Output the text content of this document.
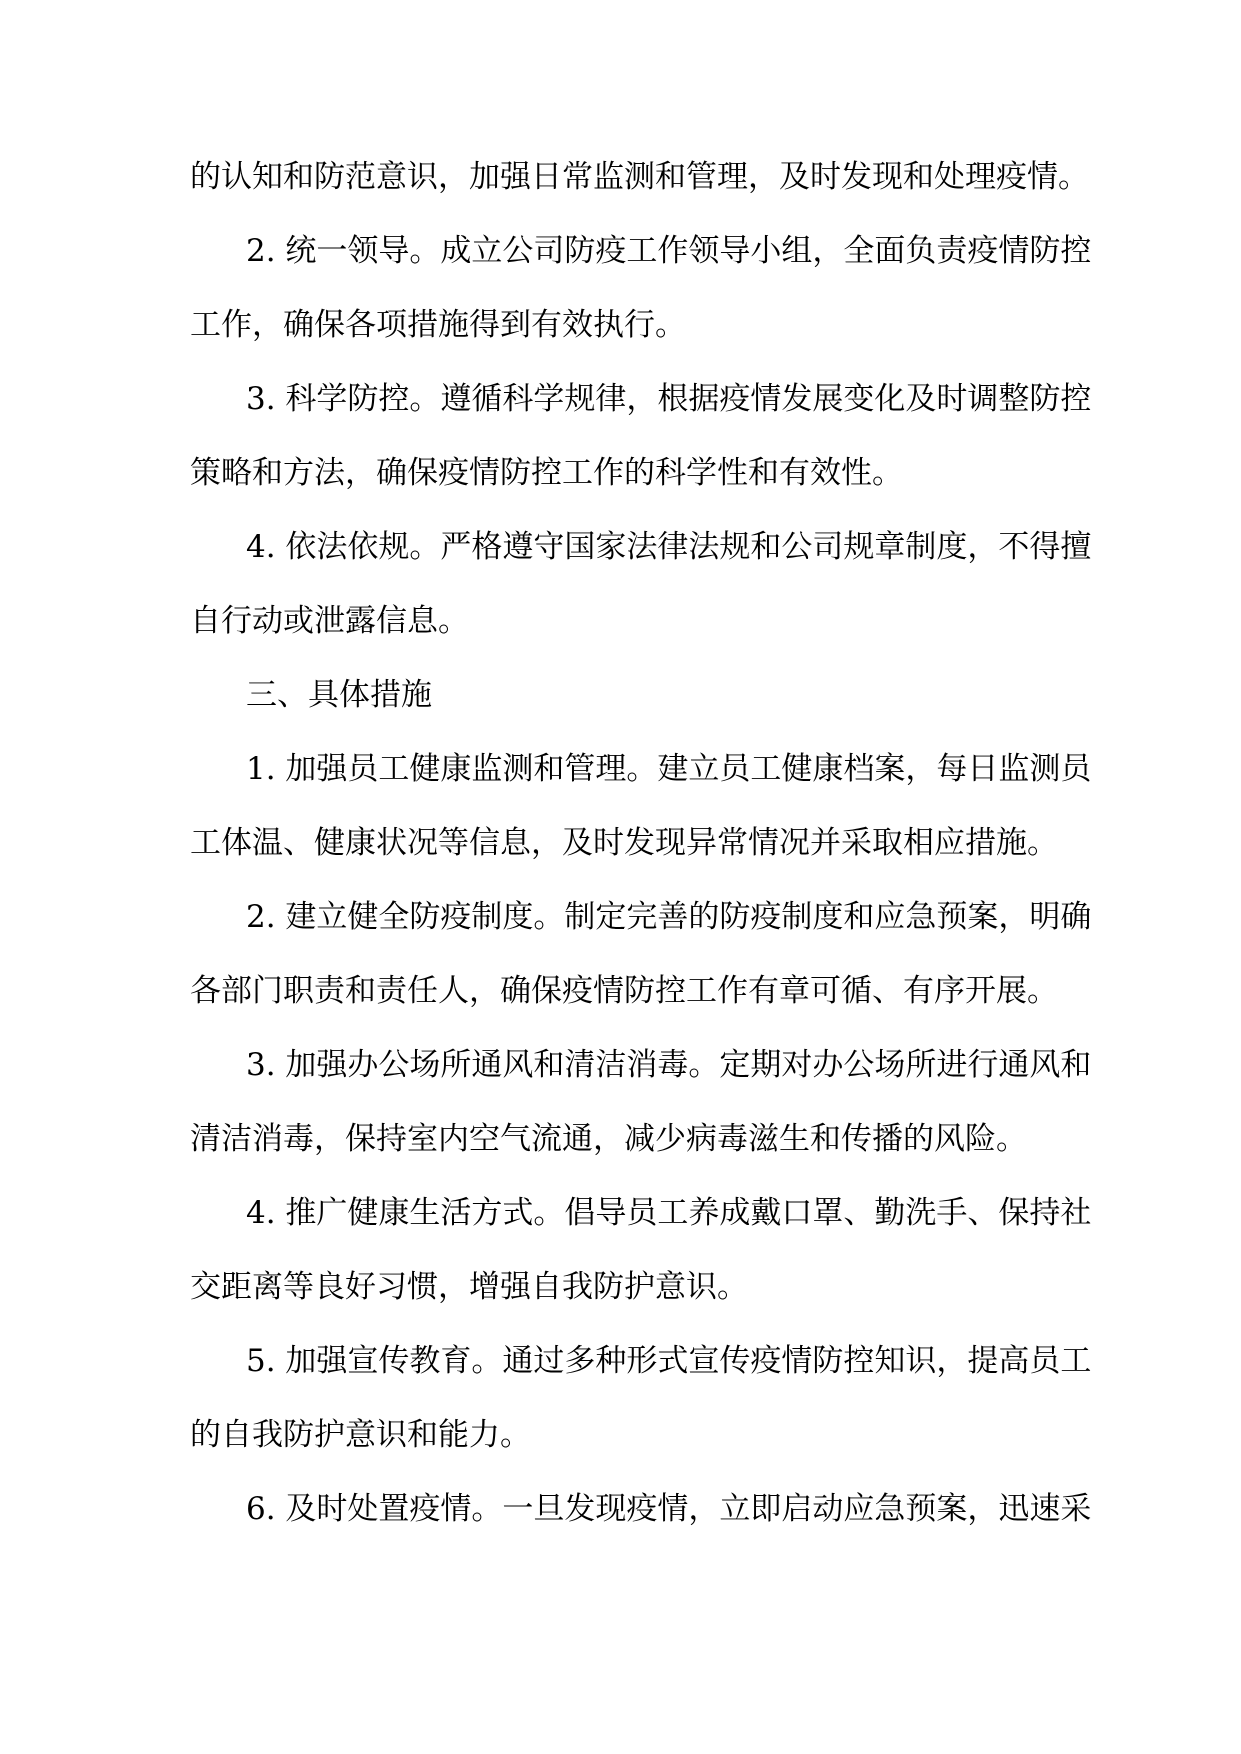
的认知和防范意识，加强日常监测和管理，及时发现和处理疫情。
2. 统一领导。成立公司防疫工作领导小组，全面负责疫情防控
工作，确保各项措施得到有效执行。
3. 科学防控。遵循科学规律，根据疫情发展变化及时调整防控
策略和方法，确保疫情防控工作的科学性和有效性。
4. 依法依规。严格遵守国家法律法规和公司规章制度，不得擅
自行动或泄露信息。
三、具体措施
1. 加强员工健康监测和管理。建立员工健康档案，每日监测员
工体温、健康状况等信息，及时发现异常情况并采取相应措施。
2. 建立健全防疫制度。制定完善的防疫制度和应急预案，明确
各部门职责和责任人，确保疫情防控工作有章可循、有序开展。
3. 加强办公场所通风和清洁消毒。定期对办公场所进行通风和
清洁消毒，保持室内空气流通，减少病毒滋生和传播的风险。
4. 推广健康生活方式。倡导员工养成戴口罩、勤洗手、保持社
交距离等良好习惯，增强自我防护意识。
5. 加强宣传教育。通过多种形式宣传疫情防控知识，提高员工
的自我防护意识和能力。
6. 及时处置疫情。一旦发现疫情，立即启动应急预案，迅速采
